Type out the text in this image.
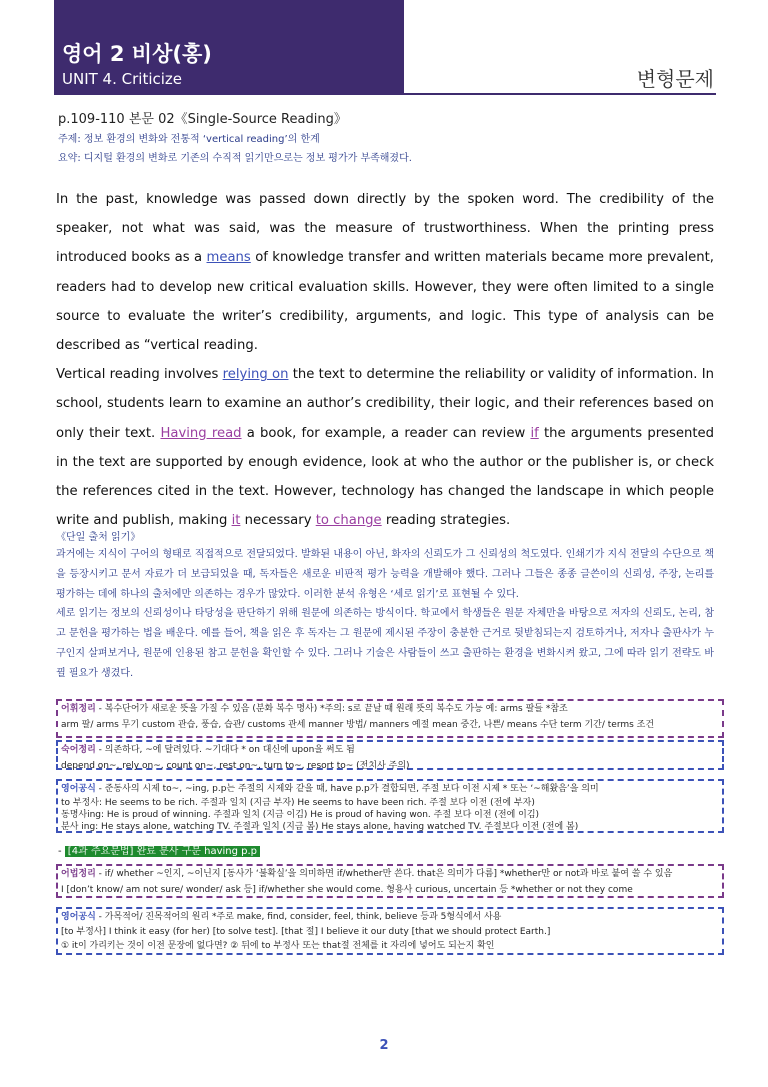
영어 2 비상(홍)
UNIT 4. Criticize	변형문제
p.109-110 본문 02《Single-Source Reading》
주제: 정보 환경의 변화와 전통적 ‘vertical reading’의 한계
요약: 디지털 환경의 변화로 기존의 수직적 읽기만으로는 정보 평가가 부족해졌다.

In the past, knowledge was passed down directly by the spoken word. The credibility of the speaker, not what was said, was the measure of trustworthiness. When the printing press introduced books as a means of knowledge transfer and written materials became more prevalent, readers had to develop new critical evaluation skills. However, they were often limited to a single source to evaluate the writer’s credibility, arguments, and logic. This type of analysis can be described as “vertical reading.

Vertical reading involves relying on the text to determine the reliability or validity of information. In school, students learn to examine an author’s credibility, their logic, and their references based on only their text. Having read a book, for example, a reader can review if the arguments presented in the text are supported by enough evidence, look at who the author or the publisher is, or check the references cited in the text. However, technology has changed the landscape in which people write and publish, making it necessary to change reading strategies.

《단일 출처 읽기》

과거에는 지식이 구어의 형태로 직접적으로 전달되었다. 발화된 내용이 아닌, 화자의 신뢰도가 그 신뢰성의 척도였다. 인쇄기가 지식 전달의 수단으로 책을 등장시키고 문서 자료가 더 보급되었을 때, 독자들은 새로운 비판적 평가 능력을 개발해야 했다. 그러나 그들은 종종 글쓴이의 신뢰성, 주장, 논리를 평가하는 데에 하나의 출처에만 의존하는 경우가 많았다. 이러한 분석 유형은 ‘세로 읽기’로 표현될 수 있다.

세로 읽기는 정보의 신뢰성이나 타당성을 판단하기 위해 원문에 의존하는 방식이다. 학교에서 학생들은 원문 자체만을 바탕으로 저자의 신뢰도, 논리, 참고 문헌을 평가하는 법을 배운다. 예를 들어, 책을 읽은 후 독자는 그 원문에 제시된 주장이 충분한 근거로 뒷받침되는지 검토하거나, 저자나 출판사가 누구인지 살펴보거나, 원문에 인용된 참고 문헌을 확인할 수 있다. 그러나 기술은 사람들이 쓰고 출판하는 환경을 변화시켜 왔고, 그에 따라 읽기 전략도 바뀔 필요가 생겼다.

어휘정리 - 복수단어가 새로운 뜻을 가질 수 있음 (분화 복수 명사) *주의: s로 끝날 때 원래 뜻의 복수도 가능 예: arms 팔들 *참조
arm 팔/ arms 무기 custom 관습, 풍습, 습관/ customs 관세 manner 방법/ manners 예절 mean 중간, 나쁜/ means 수단 term 기간/ terms 조건
숙어정리 - 의존하다, ~에 달려있다. ~기대다 * on 대신에 upon을 써도 됨
depend on~, rely on~, count on~, rest on~, turn to~, resort to~ (전치사 주의)
영어공식 - 준동사의 시제 to~, ~ing, p.p는 주절의 시제와 같을 때, have p.p가 결합되면, 주절 보다 이전 시제 * 또는 ‘~해왔음’을 의미
to 부정사: He seems to be rich. 주절과 일치 (지금 부자) He seems to have been rich. 주절 보다 이전 (전에 부자)
동명사ing: He is proud of winning. 주절과 일치 (지금 이김) He is proud of having won. 주절 보다 이전 (전에 이김)
분사 ing: He stays alone, watching TV. 주절과 일치 (지금 봄) He stays alone, having watched TV. 주절보다 이전 (전에 봄)
- [4과 주요문법] 완료 분사 구문 having p.p
어법정리 - if/ whether ~인지, ~이닌지 [동사가 ‘불확실’을 의미하면 if/whether만 쓴다. that은 의미가 다름] *whether만 or not과 바로 붙여 쓸 수 있음
I [don’t know/ am not sure/ wonder/ ask 등] if/whether she would come. 형용사 curious, uncertain 등 *whether or not they come
영어공식 - 가목적어/ 진목적어의 원리 *주로 make, find, consider, feel, think, believe 등과 5형식에서 사용
[to 부정사] I think it easy (for her) [to solve test]. [that 절] I believe it our duty [that we should protect Earth.]
① it이 가리키는 것이 이전 문장에 없다면? ② 뒤에 to 부정사 또는 that절 전체를 it 자리에 넣어도 되는지 확인
2
